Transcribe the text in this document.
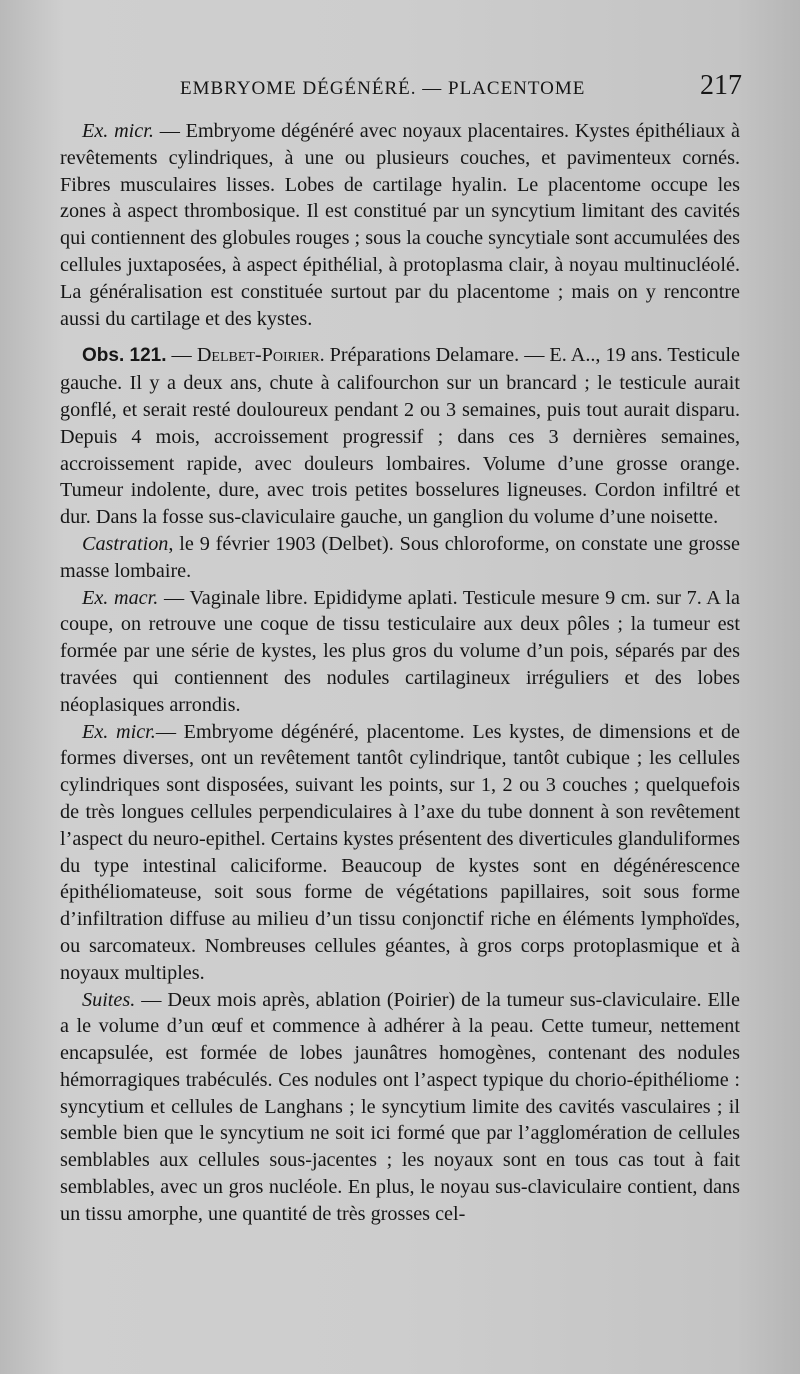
EMBRYOME DÉGÉNÉRÉ. — PLACENTOME	217

Ex. micr. — Embryome dégénéré avec noyaux placentaires. Kystes épithéliaux à revêtements cylindriques, à une ou plusieurs couches, et pavimenteux cornés. Fibres musculaires lisses. Lobes de cartilage hyalin. Le placentome occupe les zones à aspect thrombosique. Il est constitué par un syncytium limitant des cavités qui contiennent des globules rouges ; sous la couche syncytiale sont accumulées des cellules juxtaposées, à aspect épithélial, à protoplasma clair, à noyau multinucléolé. La généralisation est constituée surtout par du placentome ; mais on y rencontre aussi du cartilage et des kystes.

Obs. 121. — Delbet-Poirier. Préparations Delamare. — E. A.., 19 ans. Testicule gauche. Il y a deux ans, chute à califourchon sur un brancard ; le testicule aurait gonflé, et serait resté douloureux pendant 2 ou 3 semaines, puis tout aurait disparu. Depuis 4 mois, accroissement progressif ; dans ces 3 dernières semaines, accroissement rapide, avec douleurs lombaires. Volume d’une grosse orange. Tumeur indolente, dure, avec trois petites bosselures ligneuses. Cordon infiltré et dur. Dans la fosse sus-claviculaire gauche, un ganglion du volume d’une noisette.

Castration, le 9 février 1903 (Delbet). Sous chloroforme, on constate une grosse masse lombaire.

Ex. macr. — Vaginale libre. Epididyme aplati. Testicule mesure 9 cm. sur 7. A la coupe, on retrouve une coque de tissu testiculaire aux deux pôles ; la tumeur est formée par une série de kystes, les plus gros du volume d’un pois, séparés par des travées qui contiennent des nodules cartilagineux irréguliers et des lobes néoplasiques arrondis.

Ex. micr.— Embryome dégénéré, placentome. Les kystes, de dimensions et de formes diverses, ont un revêtement tantôt cylindrique, tantôt cubique ; les cellules cylindriques sont disposées, suivant les points, sur 1, 2 ou 3 couches ; quelquefois de très longues cellules perpendiculaires à l’axe du tube donnent à son revêtement l’aspect du neuro-epithel. Certains kystes présentent des diverticules glanduliformes du type intestinal caliciforme. Beaucoup de kystes sont en dégénérescence épithéliomateuse, soit sous forme de végétations papillaires, soit sous forme d’infiltration diffuse au milieu d’un tissu conjonctif riche en éléments lymphoïdes, ou sarcomateux. Nombreuses cellules géantes, à gros corps protoplasmique et à noyaux multiples.

Suites. — Deux mois après, ablation (Poirier) de la tumeur sus-claviculaire. Elle a le volume d’un œuf et commence à adhérer à la peau. Cette tumeur, nettement encapsulée, est formée de lobes jaunâtres homogènes, contenant des nodules hémorragiques trabéculés. Ces nodules ont l’aspect typique du chorio-épithéliome : syncytium et cellules de Langhans ; le syncytium limite des cavités vasculaires ; il semble bien que le syncytium ne soit ici formé que par l’agglomération de cellules semblables aux cellules sous-jacentes ; les noyaux sont en tous cas tout à fait semblables, avec un gros nucléole. En plus, le noyau sus-claviculaire contient, dans un tissu amorphe, une quantité de très grosses cel-
